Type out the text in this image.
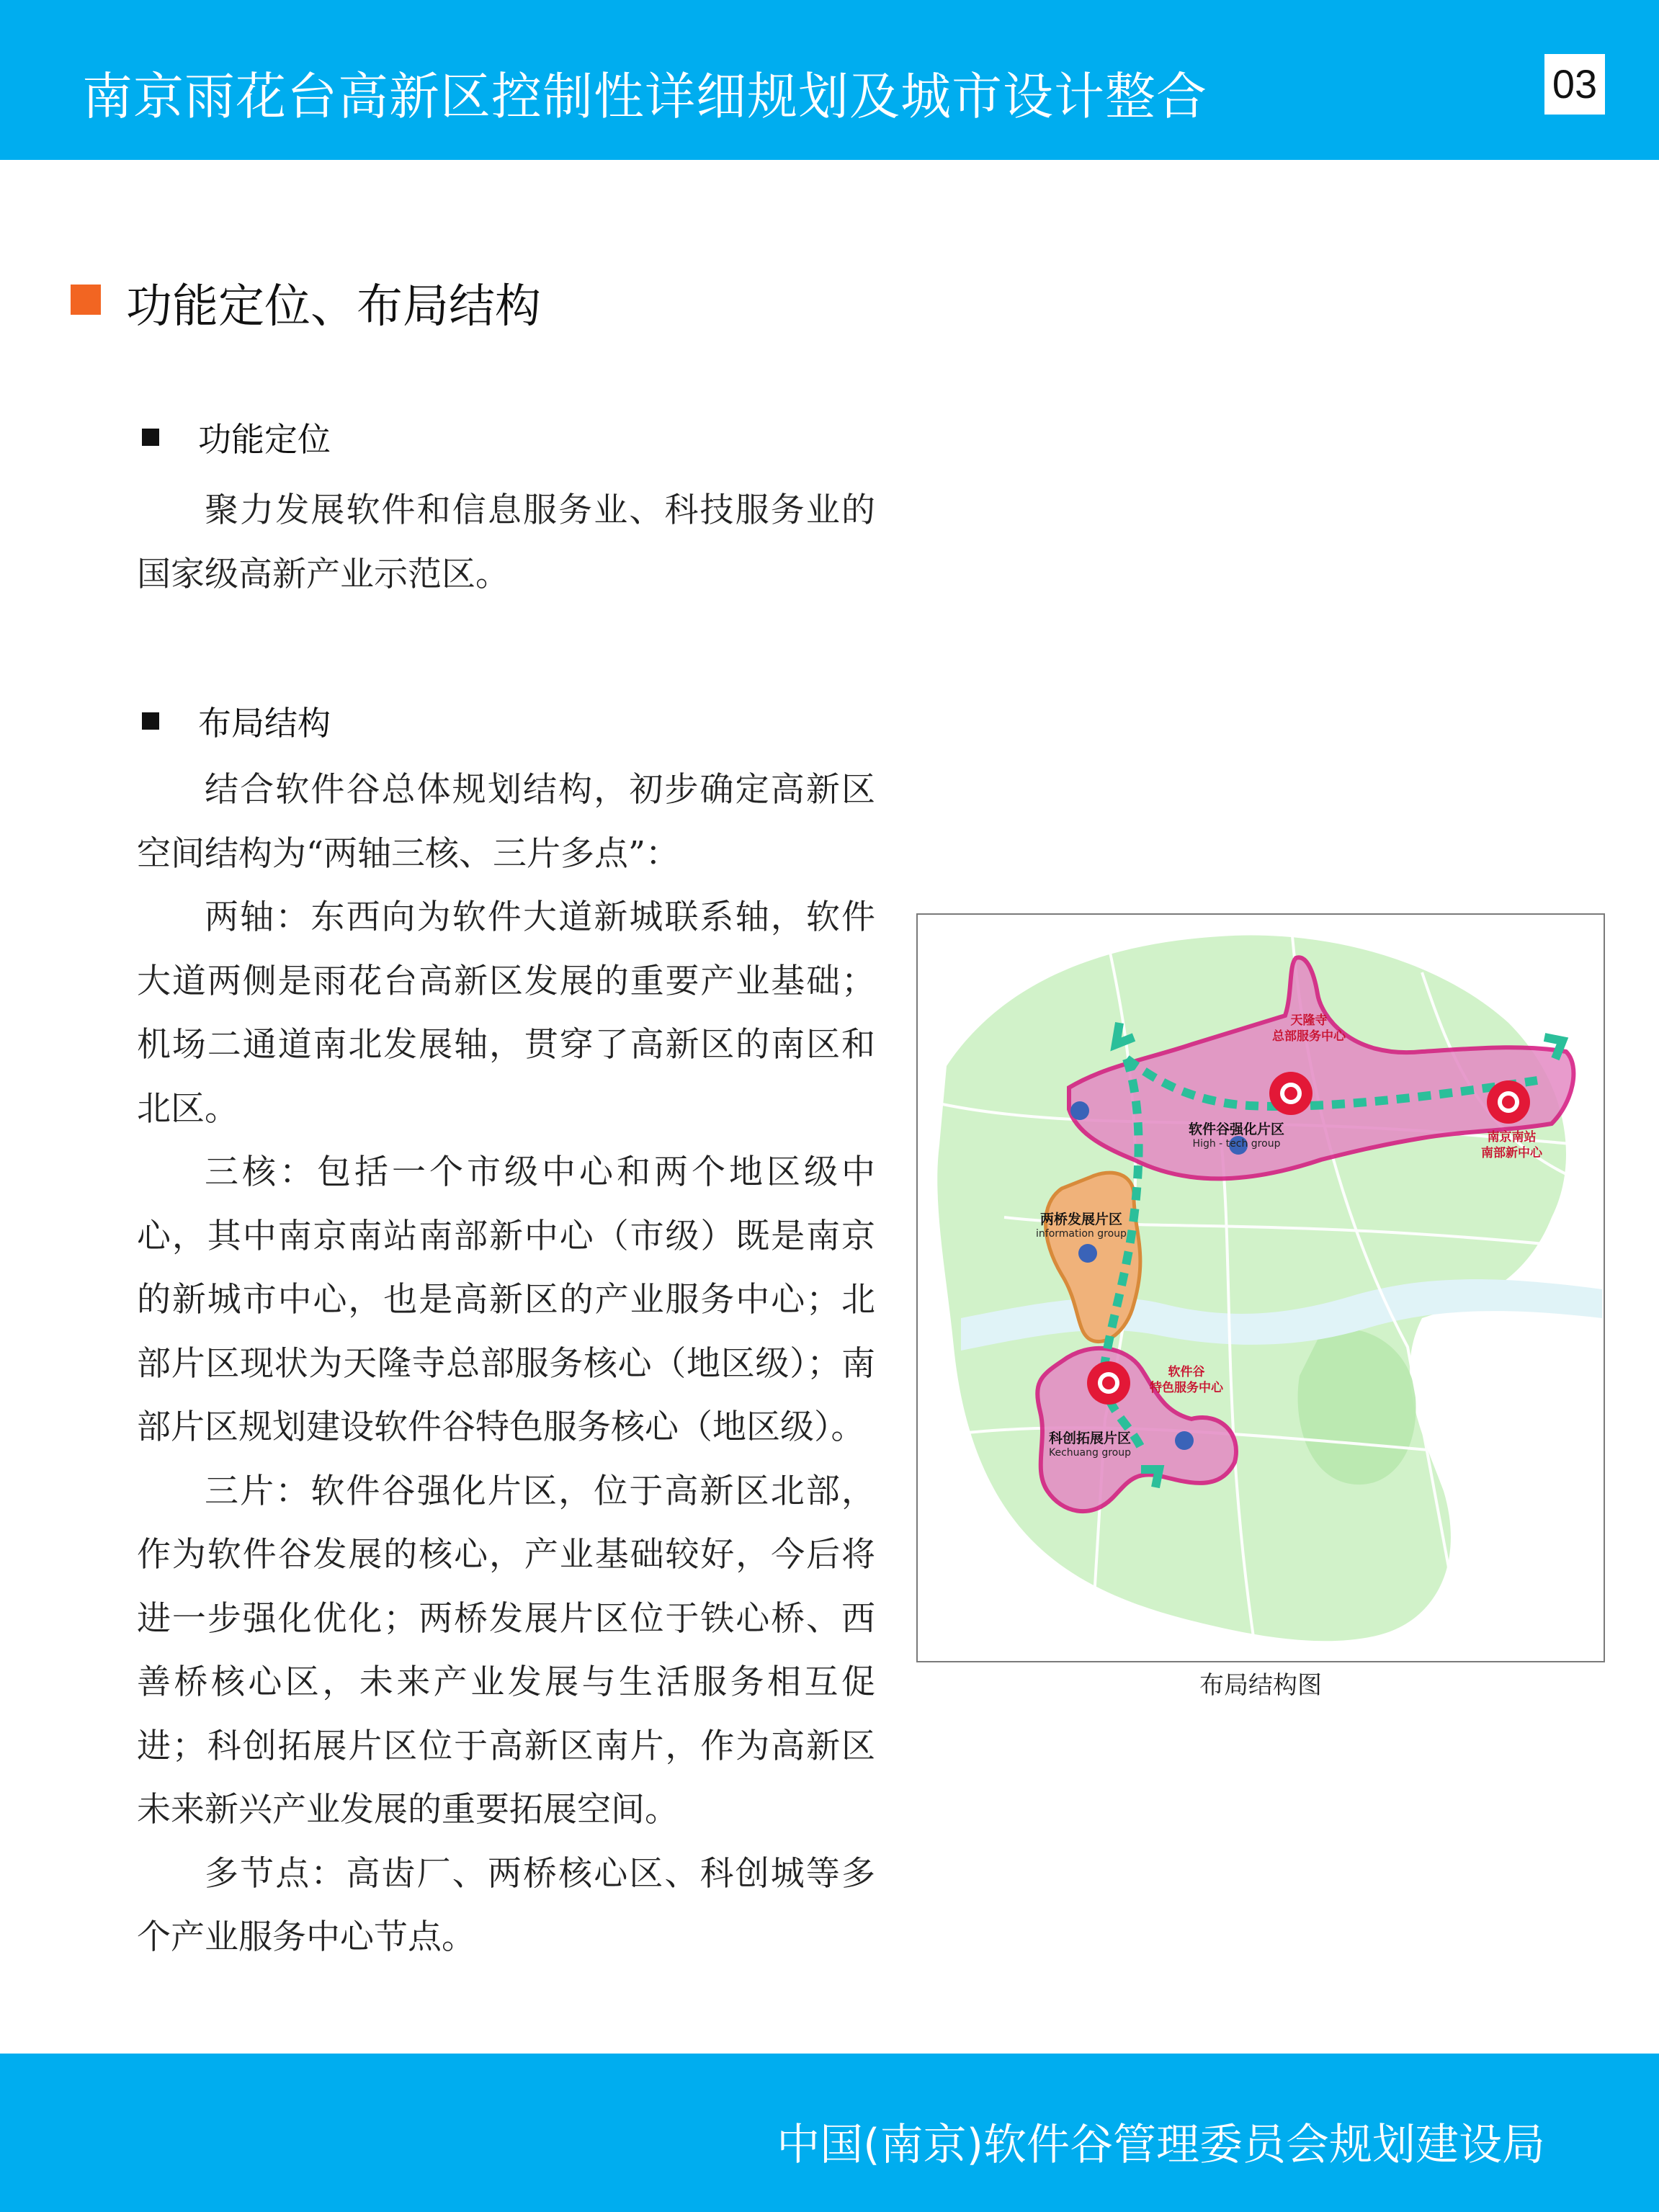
南京雨花台高新区控制性详细规划及城市设计整合	03
功能定位、布局结构
功能定位

聚力发展软件和信息服务业、科技服务业的国家级高新产业示范区。

布局结构

结合软件谷总体规划结构，初步确定高新区空间结构为“两轴三核、三片多点”：

两轴：东西向为软件大道新城联系轴，软件大道两侧是雨花台高新区发展的重要产业基础；机场二通道南北发展轴，贯穿了高新区的南区和北区。

三核：包括一个市级中心和两个地区级中心，其中南京南站南部新中心（市级）既是南京的新城市中心，也是高新区的产业服务中心；北部片区现状为天隆寺总部服务核心（地区级）；南部片区规划建设软件谷特色服务核心（地区级）。

三片：软件谷强化片区，位于高新区北部，作为软件谷发展的核心，产业基础较好，今后将进一步强化优化；两桥发展片区位于铁心桥、西善桥核心区，未来产业发展与生活服务相互促进；科创拓展片区位于高新区南片，作为高新区未来新兴产业发展的重要拓展空间。

多节点：高齿厂、两桥核心区、科创城等多个产业服务中心节点。

天隆寺
总部服务中心
南京南站
南部新中心
软件谷强化片区
High - tech group
两桥发展片区
information group
软件谷
特色服务中心
科创拓展片区
Kechuang group
布局结构图
中国(南京)软件谷管理委员会规划建设局
